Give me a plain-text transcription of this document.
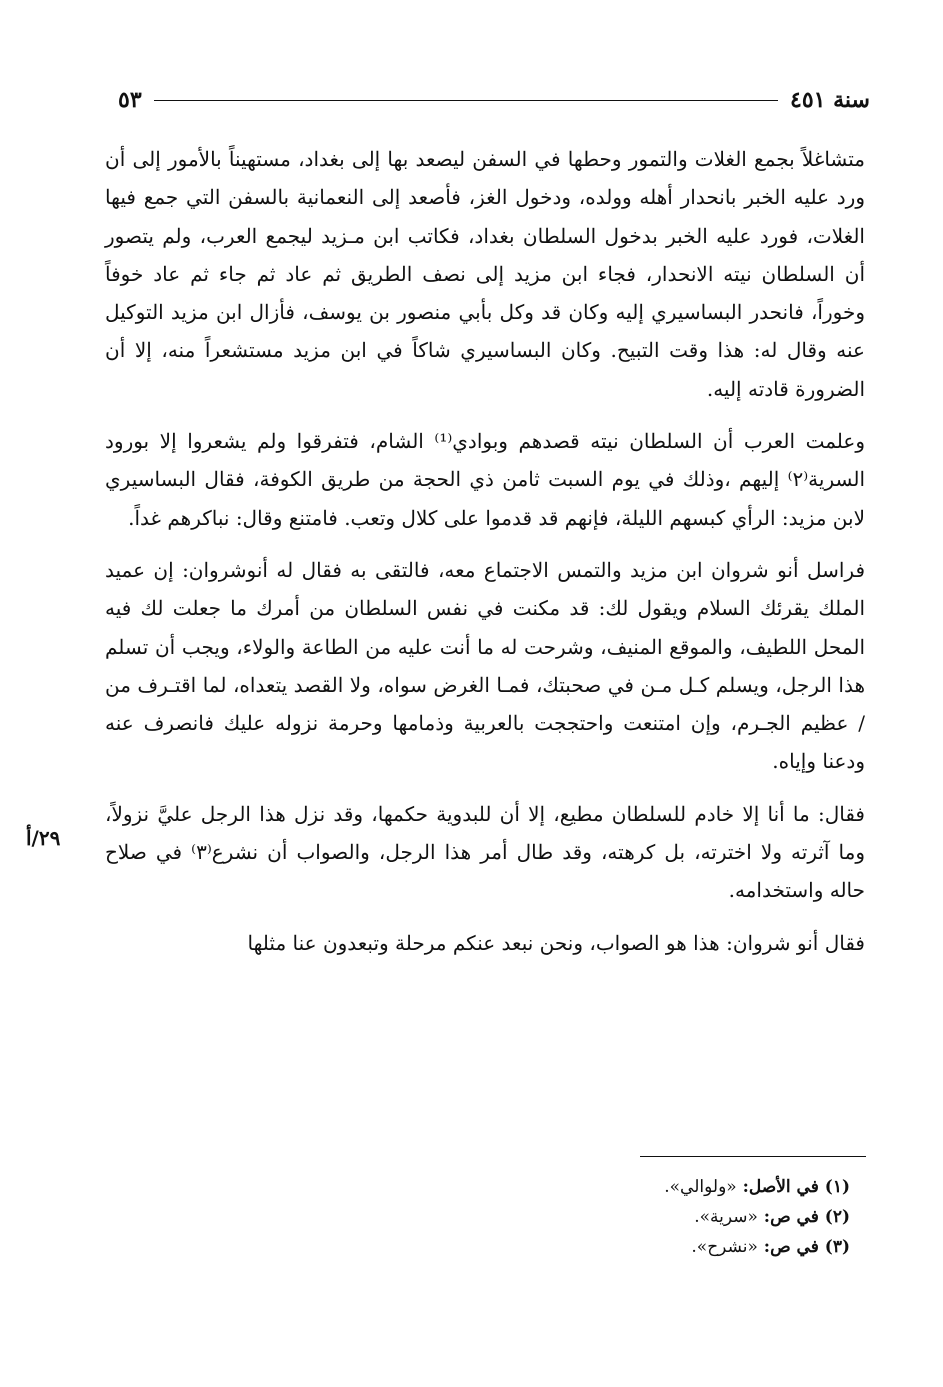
سنة ٤٥١
٥٣

متشاغلاً بجمع الغلات والتمور وحطها في السفن ليصعد بها إلى بغداد، مستهيناً بالأمور إلى أن ورد عليه الخبر بانحدار أهله وولده، ودخول الغز، فأصعد إلى النعمانية بالسفن التي جمع فيها الغلات، فورد عليه الخبر بدخول السلطان بغداد، فكاتب ابن مـزيد ليجمع العرب، ولم يتصور أن السلطان نيته الانحدار، فجاء ابن مزيد إلى نصف الطريق ثم عاد ثم جاء ثم عاد خوفاً وخوراً، فانحدر البساسيري إليه وكان قد وكل بأبي منصور بن يوسف، فأزال ابن مزيد التوكيل عنه وقال له: هذا وقت التبيح. وكان البساسيري شاكاً في ابن مزيد مستشعراً منه، إلا أن الضرورة قادته إليه.

وعلمت العرب أن السلطان نيته قصدهم وبوادي⁽¹⁾ الشام، فتفرقوا ولم يشعروا إلا بورود السرية⁽٢⁾ إليهم ،وذلك في يوم السبت ثامن ذي الحجة من طريق الكوفة، فقال البساسيري لابن مزيد: الرأي كبسهم الليلة، فإنهم قد قدموا على كلال وتعب. فامتنع وقال: نباكرهم غداً.

فراسل أنو شروان ابن مزيد والتمس الاجتماع معه، فالتقى به فقال له أنوشروان: إن عميد الملك يقرئك السلام ويقول لك: قد مكنت في نفس السلطان من أمرك ما جعلت لك فيه المحل اللطيف، والموقع المنيف، وشرحت له ما أنت عليه من الطاعة والولاء، ويجب أن تسلم هذا الرجل، ويسلم كـل مـن في صحبتك، فمـا الغرض سواه، ولا القصد يتعداه، لما اقتـرف من / عظيم الجـرم، وإن امتنعت واحتججت بالعربية وذمامها وحرمة نزوله عليك فانصرف عنه ودعنا وإياه.

فقال: ما أنا إلا خادم للسلطان مطيع، إلا أن للبدوية حكمها، وقد نزل هذا الرجل عليَّ نزولاً، وما آثرته ولا اخترته، بل كرهته، وقد طال أمر هذا الرجل، والصواب أن نشرع⁽٣⁾ في صلاح حاله واستخدامه.

فقال أنو شروان: هذا هو الصواب، ونحن نبعد عنكم مرحلة وتبعدون عنا مثلها

٢٩/أ
(١) في الأصل: «ولوالي».
(٢) في ص: «سرية».
(٣) في ص: «نشرح».
